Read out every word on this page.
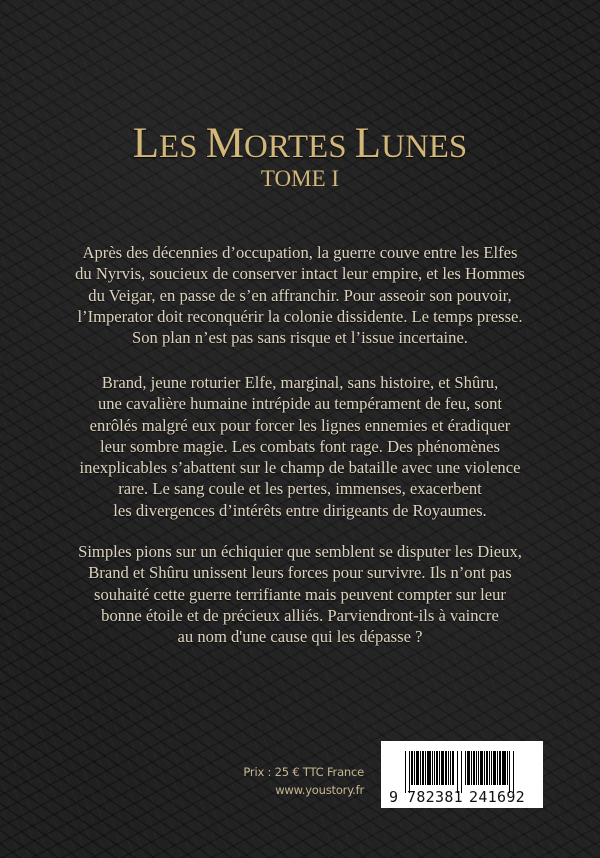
LES MORTES LUNES
TOME I

Après des décennies d’occupation, la guerre couve entre les Elfes
du Nyrvis, soucieux de conserver intact leur empire, et les Hommes
du Veigar, en passe de s’en affranchir. Pour asseoir son pouvoir,
l’Imperator doit reconquérir la colonie dissidente. Le temps presse.
Son plan n’est pas sans risque et l’issue incertaine.

Brand, jeune roturier Elfe, marginal, sans histoire, et Shûru,
une cavalière humaine intrépide au tempérament de feu, sont
enrôlés malgré eux pour forcer les lignes ennemies et éradiquer
leur sombre magie. Les combats font rage. Des phénomènes
inexplicables s’abattent sur le champ de bataille avec une violence
rare. Le sang coule et les pertes, immenses, exacerbent
les divergences d’intérêts entre dirigeants de Royaumes.

Simples pions sur un échiquier que semblent se disputer les Dieux,
Brand et Shûru unissent leurs forces pour survivre. Ils n’ont pas
souhaité cette guerre terrifiante mais peuvent compter sur leur
bonne étoile et de précieux alliés. Parviendront-ils à vaincre
au nom d'une cause qui les dépasse ?

Prix : 25 € TTC France
www.youstory.fr 9 782381 241692
